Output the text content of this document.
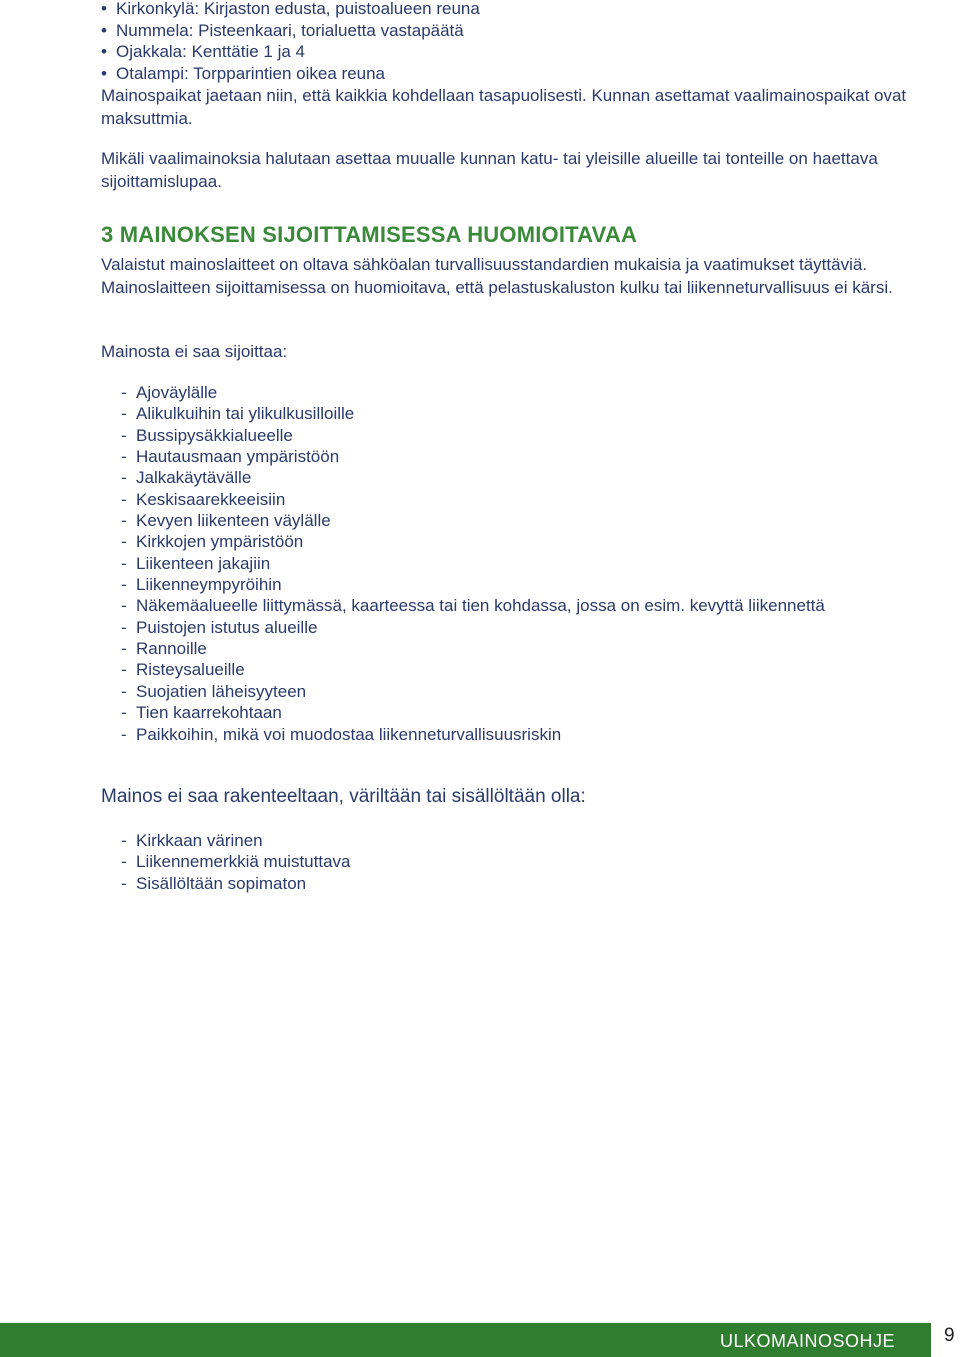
• Kirkonkylä: Kirjaston edusta, puistoalueen reuna
• Nummela: Pisteenkaari, torialuetta vastapäätä
• Ojakkala: Kenttätie 1 ja 4
• Otalampi: Torpparintien oikea reuna

Mainospaikat jaetaan niin, että kaikkia kohdellaan tasapuolisesti. Kunnan asettamat vaalimainospaikat ovat maksuttmia.

Mikäli vaalimainoksia halutaan asettaa muualle kunnan katu- tai yleisille alueille tai tonteille on haettava sijoittamislupaa.

3 MAINOKSEN SIJOITTAMISESSA HUOMIOITAVAA

Valaistut mainoslaitteet on oltava sähköalan turvallisuusstandardien mukaisia ja vaatimukset täyttäviä. Mainoslaitteen sijoittamisessa on huomioitava, että pelastuskaluston kulku tai liikenneturvallisuus ei kärsi.

Mainosta ei saa sijoittaa:

- Ajoväylälle
- Alikulkuihin tai ylikulkusilloille
- Bussipysäkkialueelle
- Hautausmaan ympäristöön
- Jalkakäytävälle
- Keskisaarekkeeisiin
- Kevyen liikenteen väylälle
- Kirkkojen ympäristöön
- Liikenteen jakajiin
- Liikenneympyröihin
- Näkemäalueelle liittymässä, kaarteessa tai tien kohdassa, jossa on esim. kevyttä liikennettä
- Puistojen istutus alueille
- Rannoille
- Risteysalueille
- Suojatien läheisyyteen
- Tien kaarrekohtaan
- Paikkoihin, mikä voi muodostaa liikenneturvallisuusriskin

Mainos ei saa rakenteeltaan, väriltään tai sisällöltään olla:

- Kirkkaan värinen
- Liikennemerkkiä muistuttava
- Sisällöltään sopimaton
ULKOMAINOSOHJE	9
